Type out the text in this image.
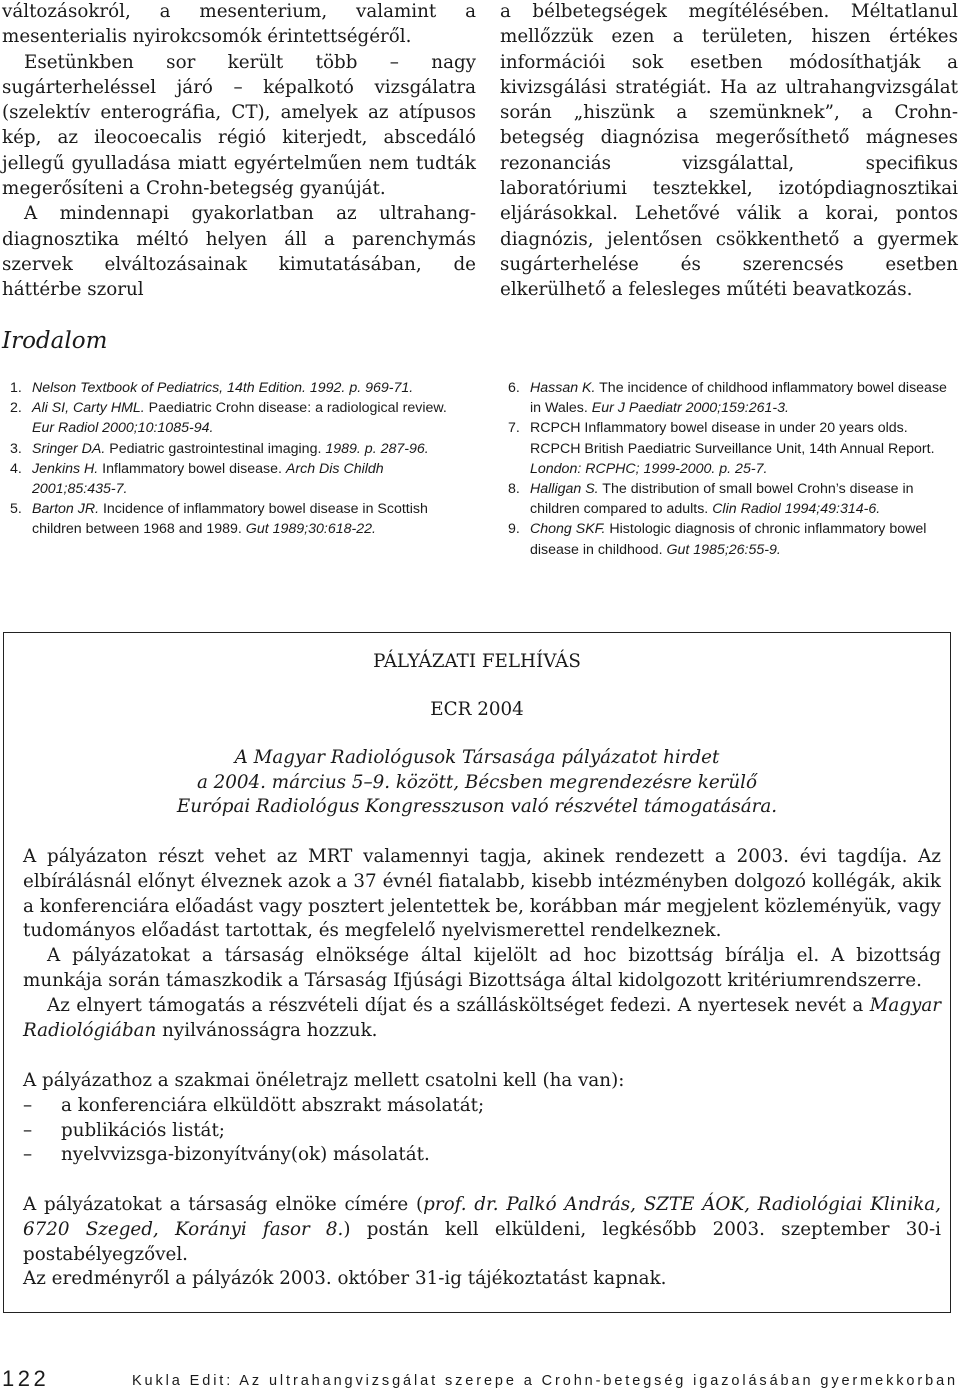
változásokról, a mesenterium, valamint a mesenterialis nyirokcsomók érintettségéről.

Esetünkben sor került több – nagy sugárterheléssel járó – képalkotó vizsgálatra (szelektív enterográfia, CT), amelyek az atípusos kép, az ileocoecalis régió kiterjedt, abscedáló jellegű gyulladása miatt egyértelműen nem tudták megerősíteni a Crohn-betegség gyanúját.

A mindennapi gyakorlatban az ultrahang-diagnosztika méltó helyen áll a parenchymás szervek elváltozásainak kimutatásában, de háttérbe szorul

a bélbetegségek megítélésében. Méltatlanul mellőzzük ezen a területen, hiszen értékes információi sok esetben módosíthatják a kivizsgálási stratégiát. Ha az ultrahangvizsgálat során „hiszünk a szemünknek”, a Crohn-betegség diagnózisa megerősíthető mágneses rezonanciás vizsgálattal, specifikus laboratóriumi tesztekkel, izotópdiagnosztikai eljárásokkal. Lehetővé válik a korai, pontos diagnózis, jelentősen csökkenthető a gyermek sugárterhelése és szerencsés esetben elkerülhető a felesleges műtéti beavatkozás.

Irodalom
1. Nelson Textbook of Pediatrics, 14th Edition. 1992. p. 969-71.
2. Ali SI, Carty HML. Paediatric Crohn disease: a radiological review. Eur Radiol 2000;10:1085-94.
3. Sringer DA. Pediatric gastrointestinal imaging. 1989. p. 287-96.
4. Jenkins H. Inflammatory bowel disease. Arch Dis Childh 2001;85:435-7.
5. Barton JR. Incidence of inflammatory bowel disease in Scottish children between 1968 and 1989. Gut 1989;30:618-22.
6. Hassan K. The incidence of childhood inflammatory bowel disease in Wales. Eur J Paediatr 2000;159:261-3.
7. RCPCH Inflammatory bowel disease in under 20 years olds. RCPCH British Paediatric Surveillance Unit, 14th Annual Report. London: RCPHC; 1999-2000. p. 25-7.
8. Halligan S. The distribution of small bowel Crohn’s disease in children compared to adults. Clin Radiol 1994;49:314-6.
9. Chong SKF. Histologic diagnosis of chronic inflammatory bowel disease in childhood. Gut 1985;26:55-9.
PÁLYÁZATI FELHÍVÁS
ECR 2004
A Magyar Radiológusok Társasága pályázatot hirdet
a 2004. március 5–9. között, Bécsben megrendezésre kerülő
Európai Radiológus Kongresszuson való részvétel támogatására.

A pályázaton részt vehet az MRT valamennyi tagja, akinek rendezett a 2003. évi tagdíja. Az elbírálásnál előnyt élveznek azok a 37 évnél fiatalabb, kisebb intézményben dolgozó kollégák, akik a konferenciára előadást vagy posztert jelentettek be, korábban már megjelent közleményük, vagy tudományos előadást tartottak, és megfelelő nyelvismerettel rendelkeznek.

A pályázatokat a társaság elnöksége által kijelölt ad hoc bizottság bírálja el. A bizottság munkája során támaszkodik a Társaság Ifjúsági Bizottsága által kidolgozott kritériumrendszerre.

Az elnyert támogatás a részvételi díjat és a szállásköltséget fedezi. A nyertesek nevét a Magyar Radiológiában nyilvánosságra hozzuk.

A pályázathoz a szakmai önéletrajz mellett csatolni kell (ha van):

– a konferenciára elküldött abszrakt másolatát;

– publikációs listát;

– nyelvvizsga-bizonyítvány(ok) másolatát.

A pályázatokat a társaság elnöke címére (prof. dr. Palkó András, SZTE ÁOK, Radiológiai Klinika, 6720 Szeged, Korányi fasor 8.) postán kell elküldeni, legkésőbb 2003. szeptember 30-i postabélyegzővel.

Az eredményről a pályázók 2003. október 31-ig tájékoztatást kapnak.

122	Kukla Edit: Az ultrahangvizsgálat szerepe a Crohn-betegség igazolásában gyermekkorban
